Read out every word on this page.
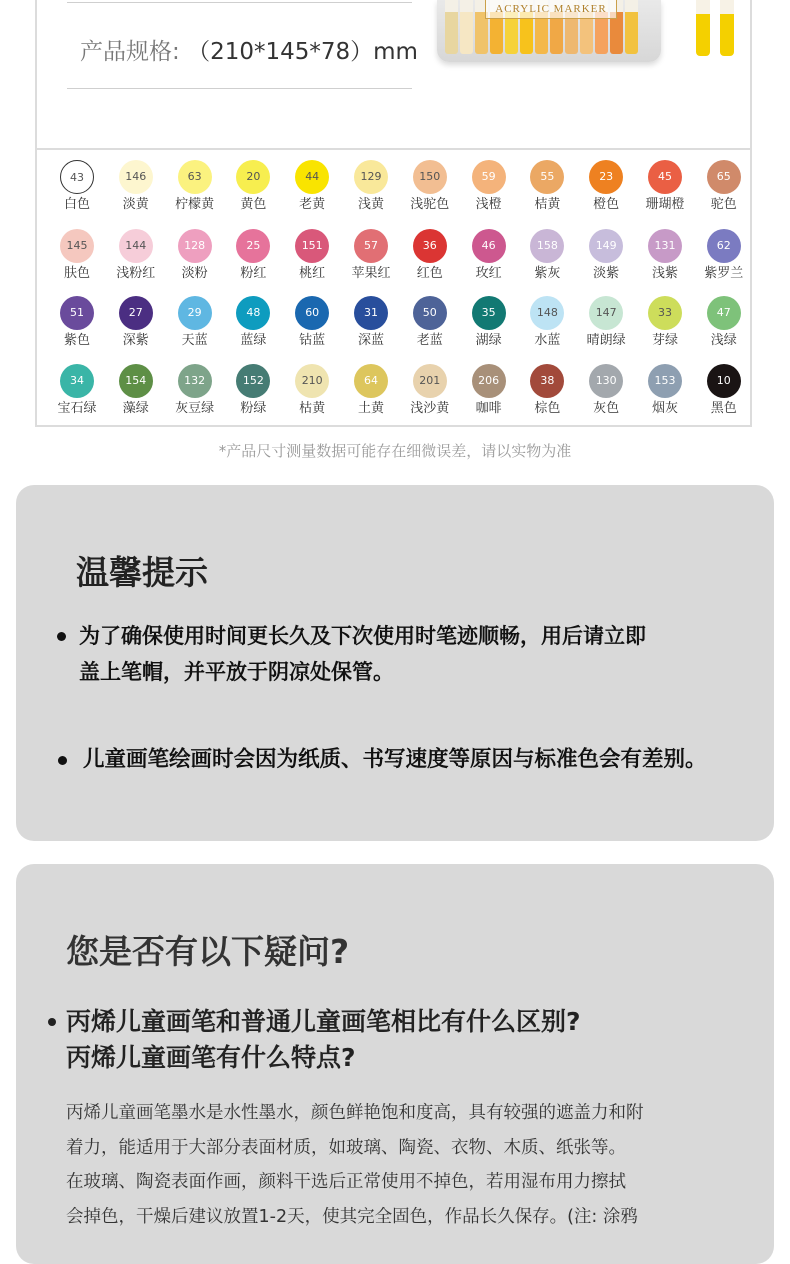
产品规格: （210*145*78）mm
ACRYLIC MARKER
43
白色
146
淡黄
63
柠檬黄
20
黄色
44
老黄
129
浅黄
150
浅驼色
59
浅橙
55
桔黄
23
橙色
45
珊瑚橙
65
驼色
145
肤色
144
浅粉红
128
淡粉
25
粉红
151
桃红
57
苹果红
36
红色
46
玫红
158
紫灰
149
淡紫
131
浅紫
62
紫罗兰
51
紫色
27
深紫
29
天蓝
48
蓝绿
60
钴蓝
31
深蓝
50
老蓝
35
湖绿
148
水蓝
147
晴朗绿
33
芽绿
47
浅绿
34
宝石绿
154
藻绿
132
灰豆绿
152
粉绿
210
枯黄
64
土黄
201
浅沙黄
206
咖啡
38
棕色
130
灰色
153
烟灰
10
黑色
*产品尺寸测量数据可能存在细微误差，请以实物为准
温馨提示
为了确保使用时间更长久及下次使用时笔迹顺畅，用后请立即
盖上笔帽，并平放于阴凉处保管。
儿童画笔绘画时会因为纸质、书写速度等原因与标准色会有差别。
您是否有以下疑问?
丙烯儿童画笔和普通儿童画笔相比有什么区别?
丙烯儿童画笔有什么特点?
丙烯儿童画笔墨水是水性墨水，颜色鲜艳饱和度高，具有较强的遮盖力和附
着力，能适用于大部分表面材质，如玻璃、陶瓷、衣物、木质、纸张等。
在玻璃、陶瓷表面作画，颜料干选后正常使用不掉色，若用湿布用力擦拭
会掉色，干燥后建议放置1-2天，使其完全固色，作品长久保存。(注: 涂鸦
